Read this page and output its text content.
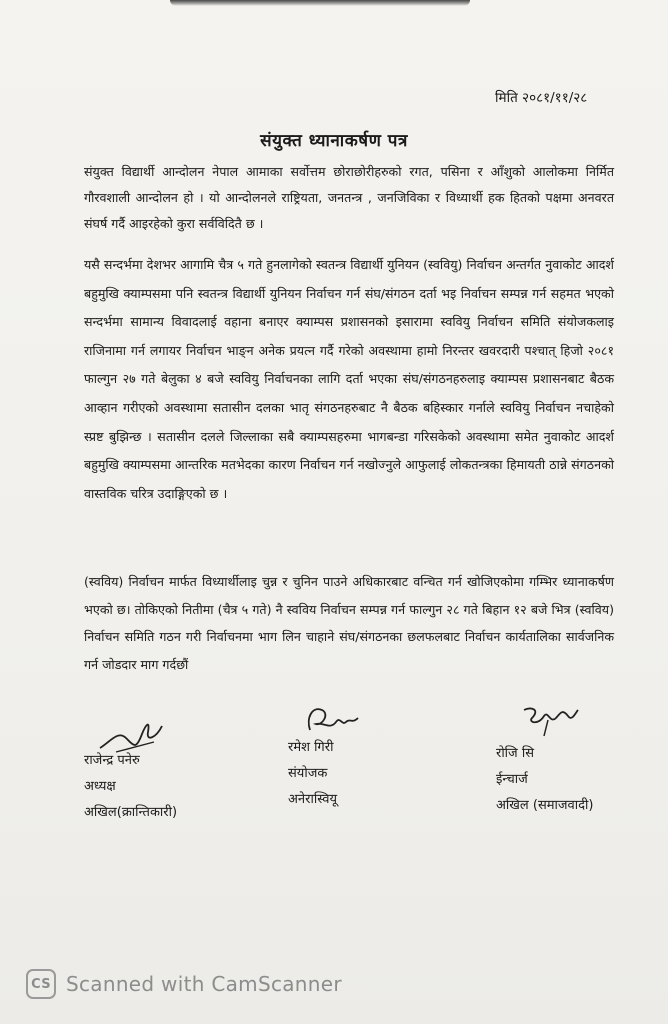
मिति २०८१/११/२८
संयुक्त ध्यानाकर्षण पत्र

संयुक्त विद्यार्थी आन्दोलन नेपाल आमाका सर्वोत्तम छोराछोरीहरुको रगत, पसिना र आँशुको आलोकमा निर्मित गौरवशाली आन्दोलन हो । यो आन्दोलनले राष्ट्रियता, जनतन्त्र , जनजिविका र विध्यार्थी हक हितको पक्षमा अनवरत संघर्ष गर्दै आइरहेको कुरा सर्वविदितै छ ।

यसै सन्दर्भमा देशभर आगामि चैत्र ५ गते हुनलागेको स्वतन्त्र विद्यार्थी युनियन (स्ववियु) निर्वाचन अन्तर्गत नुवाकोट आदर्श बहुमुखि क्याम्पसमा पनि स्वतन्त्र विद्यार्थी युनियन निर्वाचन गर्न संघ/संगठन दर्ता भइ निर्वाचन सम्पन्न गर्न सहमत भएको सन्दर्भमा सामान्य विवादलाई वहाना बनाएर क्याम्पस प्रशासनको इसारामा स्ववियु निर्वाचन समिति संयोजकलाइ राजिनामा गर्न लगायर निर्वाचन भाङ्न अनेक प्रयत्न गर्दै गरेको अवस्थामा हामो निरन्तर खवरदारी पश्चात् हिजो २०८१ फाल्गुन २७ गते बेलुका ४ बजे स्ववियु निर्वाचनका लागि दर्ता भएका संघ/संगठनहरुलाइ क्याम्पस प्रशासनबाट बैठक आव्हान गरीएको अवस्थामा सतासीन दलका भातृ संगठनहरुबाट नै बैठक बहिस्कार गर्नाले स्ववियु निर्वाचन नचाहेको स्प्रष्ट बुझिन्छ । सतासीन दलले जिल्लाका सबै क्याम्पसहरुमा भागबन्डा गरिसकेको अवस्थामा समेत नुवाकोट आदर्श बहुमुखि क्याम्पसमा आन्तरिक मतभेदका कारण निर्वाचन गर्न नखोज्नुले आफुलाई लोकतन्त्रका हिमायती ठान्ने संगठनको वास्तविक चरित्र उदाङ्गिएको छ ।

(स्वविय) निर्वाचन मार्फत विध्यार्थीलाइ चुन्न र चुनिन पाउने अधिकारबाट वन्चित गर्न खोजिएकोमा गम्भिर ध्यानाकर्षण भएको छ। तोकिएको नितीमा (चैत्र ५ गते) नै स्वविय निर्वाचन सम्पन्न गर्न फाल्गुन २८ गते बिहान १२ बजे भित्र (स्वविय) निर्वाचन समिति गठन गरी निर्वाचनमा भाग लिन चाहाने संघ/संगठनका छलफलबाट निर्वाचन कार्यतालिका सार्वजनिक गर्न जोडदार माग गर्दछौं

राजेन्द्र पनेरु
अध्यक्ष
अखिल(क्रान्तिकारी)
रमेश गिरी
संयोजक
अनेरास्वियू
रोजि सि
ईन्चार्ज
अखिल (समाजवादी)
CS Scanned with CamScanner
